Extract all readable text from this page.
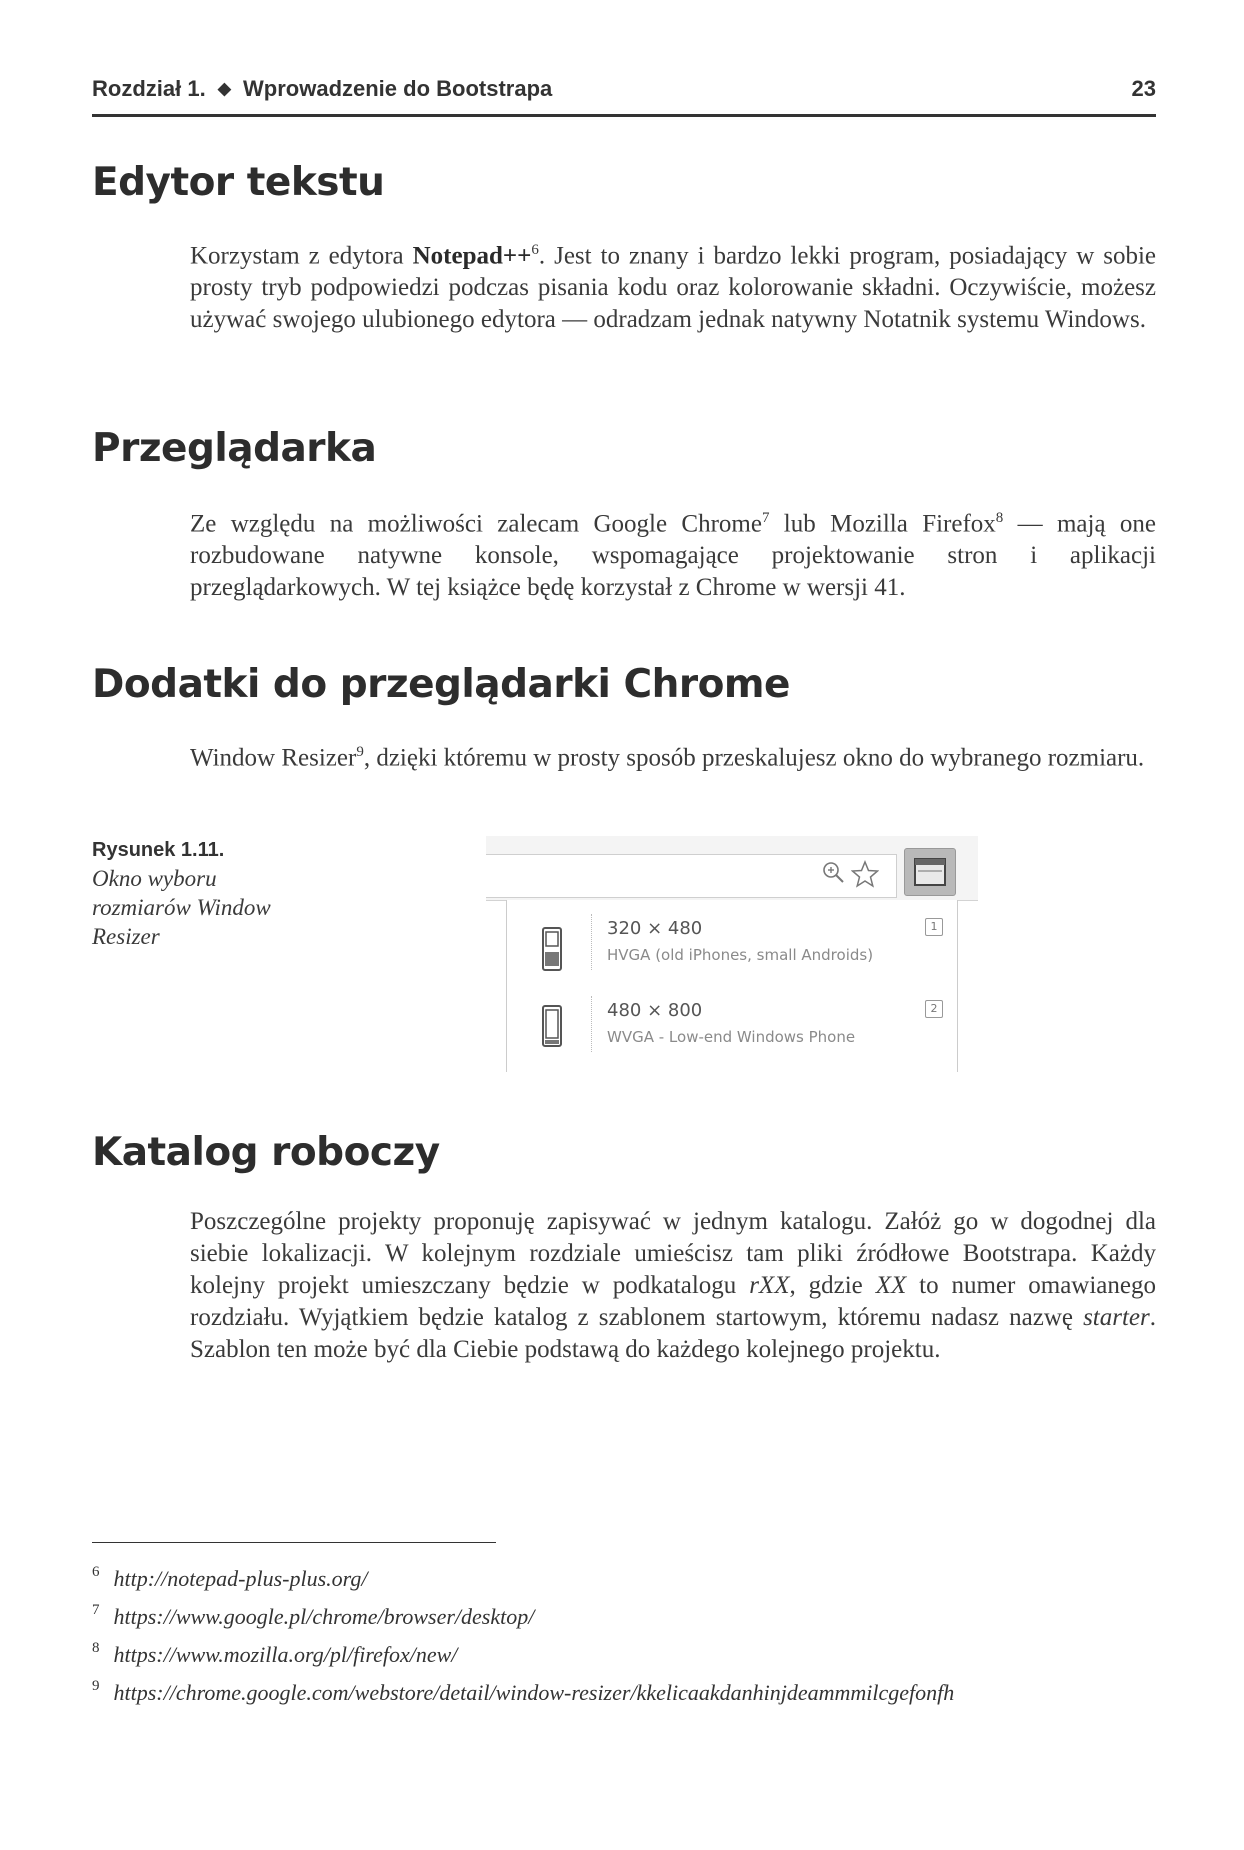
Rozdział 1. ◆ Wprowadzenie do Bootstrapa	23
Edytor tekstu

Korzystam z edytora Notepad++$^6$. Jest to znany i bardzo lekki program, posiadający w sobie prosty tryb podpowiedzi podczas pisania kodu oraz kolorowanie składni. Oczywiście, możesz używać swojego ulubionego edytora — odradzam jednak natywny Notatnik systemu Windows.

Przeglądarka

Ze względu na możliwości zalecam Google Chrome$^7$ lub Mozilla Firefox$^8$ — mają one rozbudowane natywne konsole, wspomagające projektowanie stron i aplikacji przeglądarkowych. W tej książce będę korzystał z Chrome w wersji 41.

Dodatki do przeglądarki Chrome

Window Resizer$^9$, dzięki któremu w prosty sposób przeskalujesz okno do wybranego rozmiaru.

Rysunek 1.11.
Okno wyboru rozmiarów Window Resizer	320 × 480
HVGA (old iPhones, small Androids)
1
480 × 800
WVGA - Low-end Windows Phone
2
Katalog roboczy

Poszczególne projekty proponuję zapisywać w jednym katalogu. Załóż go w dogodnej dla siebie lokalizacji. W kolejnym rozdziale umieścisz tam pliki źródłowe Bootstrapa. Każdy kolejny projekt umieszczany będzie w podkatalogu rXX, gdzie XX to numer omawianego rozdziału. Wyjątkiem będzie katalog z szablonem startowym, któremu nadasz nazwę starter. Szablon ten może być dla Ciebie podstawą do każdego kolejnego projektu.

$^6$ http://notepad-plus-plus.org/
$^7$ https://www.google.pl/chrome/browser/desktop/
$^8$ https://www.mozilla.org/pl/firefox/new/
$^9$ https://chrome.google.com/webstore/detail/window-resizer/kkelicaakdanhinjdeammmilcgefonfh
